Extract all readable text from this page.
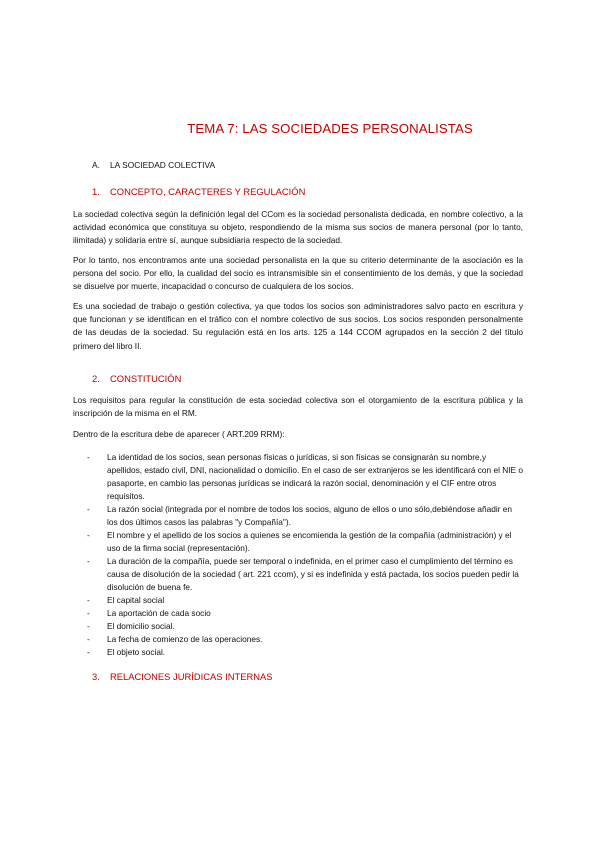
TEMA 7: LAS SOCIEDADES PERSONALISTAS
A. LA SOCIEDAD COLECTIVA
1. CONCEPTO, CARACTERES Y REGULACIÓN
La sociedad colectiva según la definición legal del CCom es la sociedad personalista dedicada, en nombre colectivo, a la actividad económica que constituya su objeto, respondiendo de la misma sus socios de manera personal (por lo tanto, ilimitada) y solidaria entre sí, aunque subsidiaria respecto de la sociedad.
Por lo tanto, nos encontramos ante una sociedad personalista en la que su criterio determinante de la asociación es la persona del socio. Por ello, la cualidad del socio es intransmisible sin el consentimiento de los demás, y que la sociedad se disuelve por muerte, incapacidad o concurso de cualquiera de los socios.
Es una sociedad de trabajo o gestión colectiva, ya que todos los socios son administradores salvo pacto en escritura y que funcionan y se identifican en el tráfico con el nombre colectivo de sus socios. Los socios responden personalmente de las deudas de la sociedad. Su regulación está en los arts. 125 a 144 CCOM agrupados en la sección 2 del título primero del libro II.
2. CONSTITUCIÓN
Los requisitos para regular la constitución de esta sociedad colectiva son el otorgamiento de la escritura pública y la inscripción de la misma en el RM.
Dentro de la escritura debe de aparecer ( ART.209 RRM):
-	La identidad de los socios, sean personas físicas o jurídicas, si son físicas se consignarán su nombre,y apellidos, estado civil, DNI, nacionalidad o domicilio. En el caso de ser extranjeros se les identificará con el NIE o pasaporte, en cambio las personas jurídicas se indicará la razón social, denominación y el CIF entre otros requisitos.
-	La razón social (integrada por el nombre de todos los socios, alguno de ellos o uno sólo,debiéndose añadir en los dos últimos casos las palabras "y Compañía").
-	El nombre y el apellido de los socios a quienes se encomienda la gestión de la compañía (administración) y el uso de la firma social (representación).
-	La duración de la compañía, puede ser temporal o indefinida, en el primer caso el cumplimiento del término es causa de disolución de la sociedad ( art. 221 ccom), y si es indefinida y está pactada, los socios pueden pedir la disolución de buena fe.
-	El capital social
-	La aportación de cada socio
-	El domicilio social.
-	La fecha de comienzo de las operaciones.
-	El objeto social.
3. RELACIONES JURÍDICAS INTERNAS
